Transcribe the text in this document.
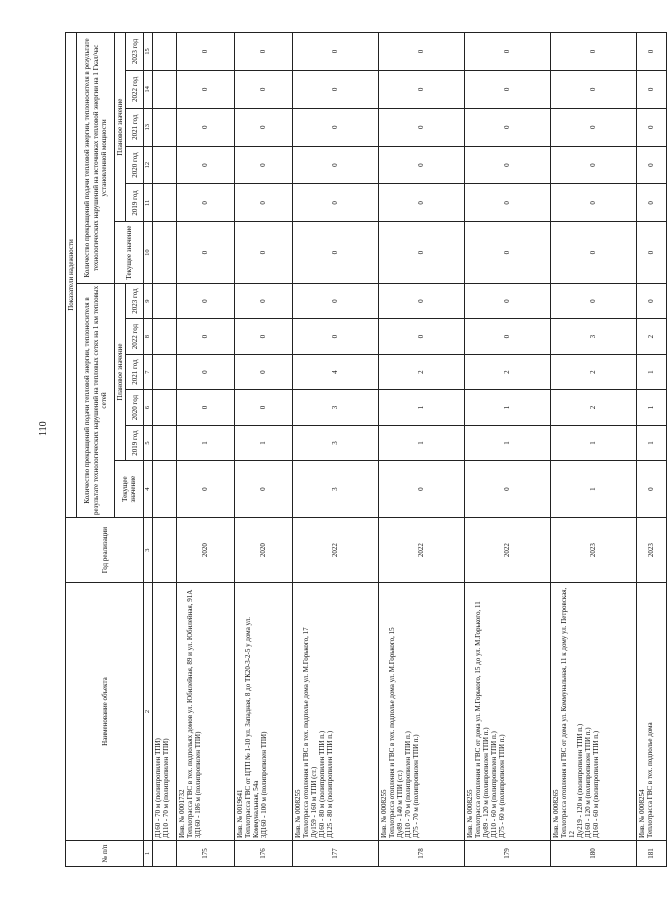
110
№ п/п	Наименование объекта	Год реализации	Показатели надежности											
			Количество прекращений подачи тепловой энергии, теплоносителя в результате технологических нарушений на тепловых сетях на 1 км тепловых сетей						Количество прекращений подачи тепловой энергии, теплоносителя в результате технологических нарушений на источниках тепловой энергии на 1 Гкал/час установленной мощности					
			Текущее значение	Плановое значение					Текущее значение	Плановое значение				
				2019 год	2020 год	2021 год	2022 год	2023 год		2019 год	2020 год	2021 год	2022 год	2023 год
1	2	3	4	5	6	7	8	9	10	11	12	13	14	15

	Д160 - 70 м (полипропилен ТПИ) Д110 - 70 м (полипропилен ТПИ)													

175	Инв. № 0001732 Теплотрасса ГВС в тех. подпольях домов ул. Юбилейная, 89 и ул. Юбилейная, 91А ЗД160 - 186 м (полипропилен ТПИ)	2020	0	1	0	0	0	0	0	0	0	0	0	0
176	Инв. № 0019641 Теплотрасса ГВС от ЦТП № 1-10 ул. Западная, 8 до ТК20-3-2-5 у дома ул. Коммунальная, 54а ЗД160 - 100 м (полипропилен ТПИ)	2020	0	1	0	0	0	0	0	0	0	0	0	0
177	Инв. № 0008255 Теплотрасса отопления и ГВС в тех. подполье дома ул. М.Горького, 17 Ду159 - 160 м ТПИ (ст.) Д160 - 80 м (полипропилен ТПИ п.) Д125 - 80 м (полипропилен ТПИ п.)	2022	3	3	3	4	0	0	0	0	0	0	0	0
178	Инв. № 0008255 Теплотрасса отопления и ГВС в тех. подполье дома ул. М.Горького, 15 Ду89 - 140 м ТПИ (ст.) Д110 - 70 м (полипропилен ТПИ п.) Д75 - 70 м (полипропилен ТПИ п.)	2022	0	1	1	2	0	0	0	0	0	0	0	0
179	Инв. № 0008255 Теплотрасса отопления и ГВС от дома ул. М.Горького, 15 до ул. М.Горького, 11 Ду89 - 120 м (полипропилен ТПИ п.) Д110 - 60 м (полипропилен ТПИ п.) Д75 - 60 м (полипропилен ТПИ п.)	2022	0	1	1	2	0	0	0	0	0	0	0	0
180	Инв. № 0008265 Теплотрасса отопления и ГВС от дома ул. Коммунальная, 11 к дому ул. Петровская, 12 Ду219 - 120 м (полипропилен ТПИ п.) Д160 - 120 м (полипропилен ТПИ п.) Д160 - 60 м (полипропилен ТПИ п.)	2023	1	1	2	2	3	0	0	0	0	0	0	0
181	Инв. № 0008254 Теплотрасса ГВС в тех. подполье дома	2023	0	1	1	1	2	0	0	0	0	0	0	0
